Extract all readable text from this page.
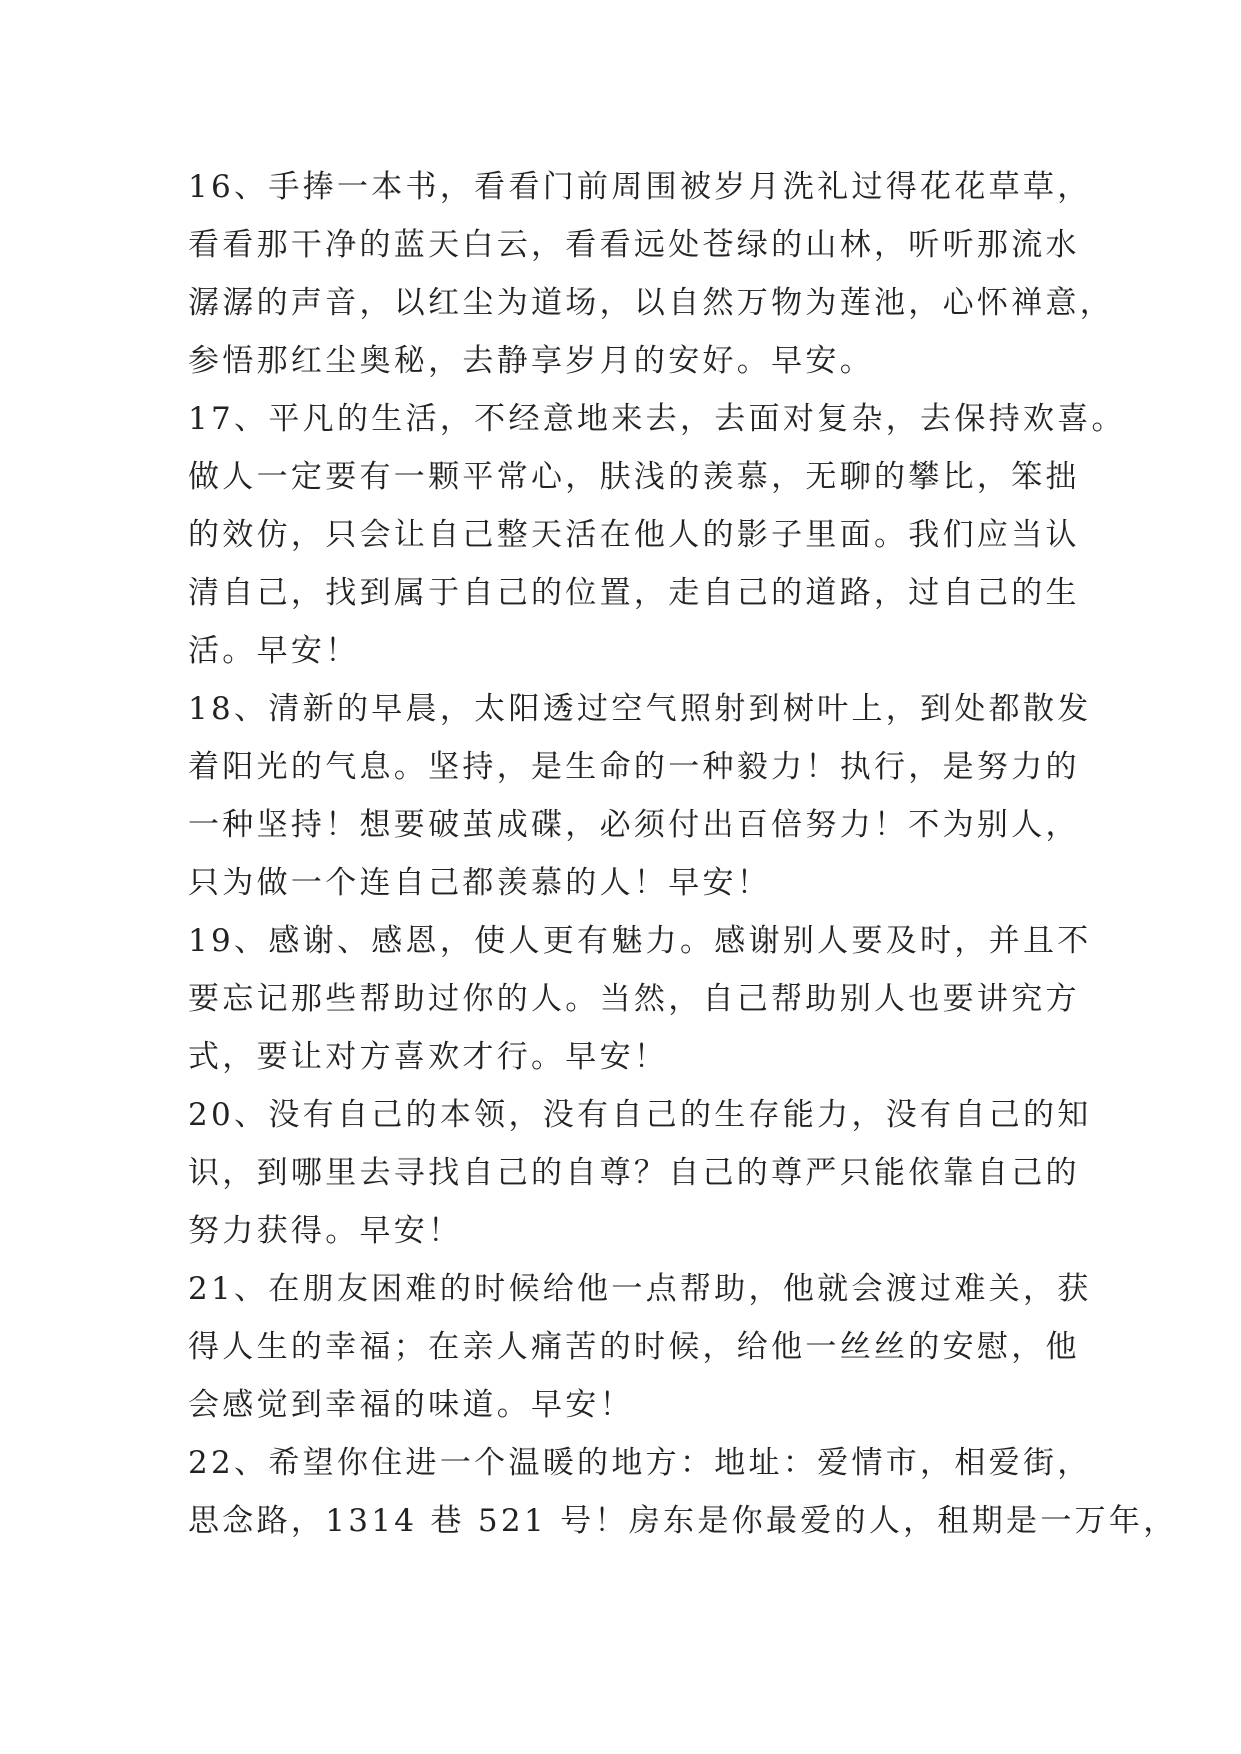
16、手捧一本书，看看门前周围被岁月洗礼过得花花草草，
看看那干净的蓝天白云，看看远处苍绿的山林，听听那流水
潺潺的声音，以红尘为道场，以自然万物为莲池，心怀禅意，
参悟那红尘奥秘，去静享岁月的安好。早安。
17、平凡的生活，不经意地来去，去面对复杂，去保持欢喜。
做人一定要有一颗平常心，肤浅的羡慕，无聊的攀比，笨拙
的效仿，只会让自己整天活在他人的影子里面。我们应当认
清自己，找到属于自己的位置，走自己的道路，过自己的生
活。早安！
18、清新的早晨，太阳透过空气照射到树叶上，到处都散发
着阳光的气息。坚持，是生命的一种毅力！执行，是努力的
一种坚持！想要破茧成碟，必须付出百倍努力！不为别人，
只为做一个连自己都羡慕的人！早安！
19、感谢、感恩，使人更有魅力。感谢别人要及时，并且不
要忘记那些帮助过你的人。当然，自己帮助别人也要讲究方
式，要让对方喜欢才行。早安！
20、没有自己的本领，没有自己的生存能力，没有自己的知
识，到哪里去寻找自己的自尊？自己的尊严只能依靠自己的
努力获得。早安！
21、在朋友困难的时候给他一点帮助，他就会渡过难关，获
得人生的幸福；在亲人痛苦的时候，给他一丝丝的安慰，他
会感觉到幸福的味道。早安！
22、希望你住进一个温暖的地方：地址：爱情市，相爱街，
思念路，1314 巷 521 号！房东是你最爱的人，租期是一万年，
